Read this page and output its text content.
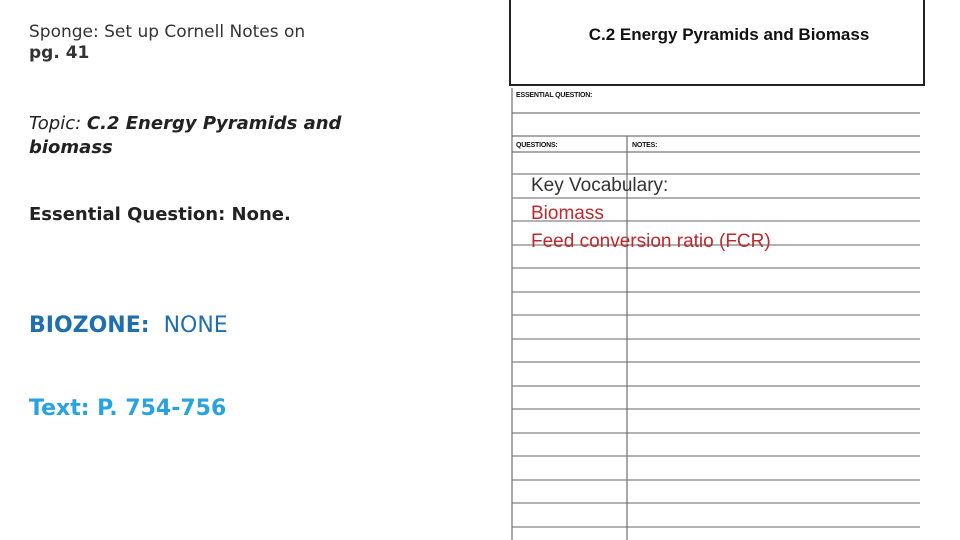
Sponge: Set up Cornell Notes on pg. 41
Topic: C.2 Energy Pyramids and biomass
Essential Question: None.
BIOZONE: NONE
Text: P. 754-756
C.2 Energy Pyramids and Biomass
ESSENTIAL QUESTION:
QUESTIONS:	NOTES:
Key Vocabulary:
Biomass
Feed conversion ratio (FCR)
